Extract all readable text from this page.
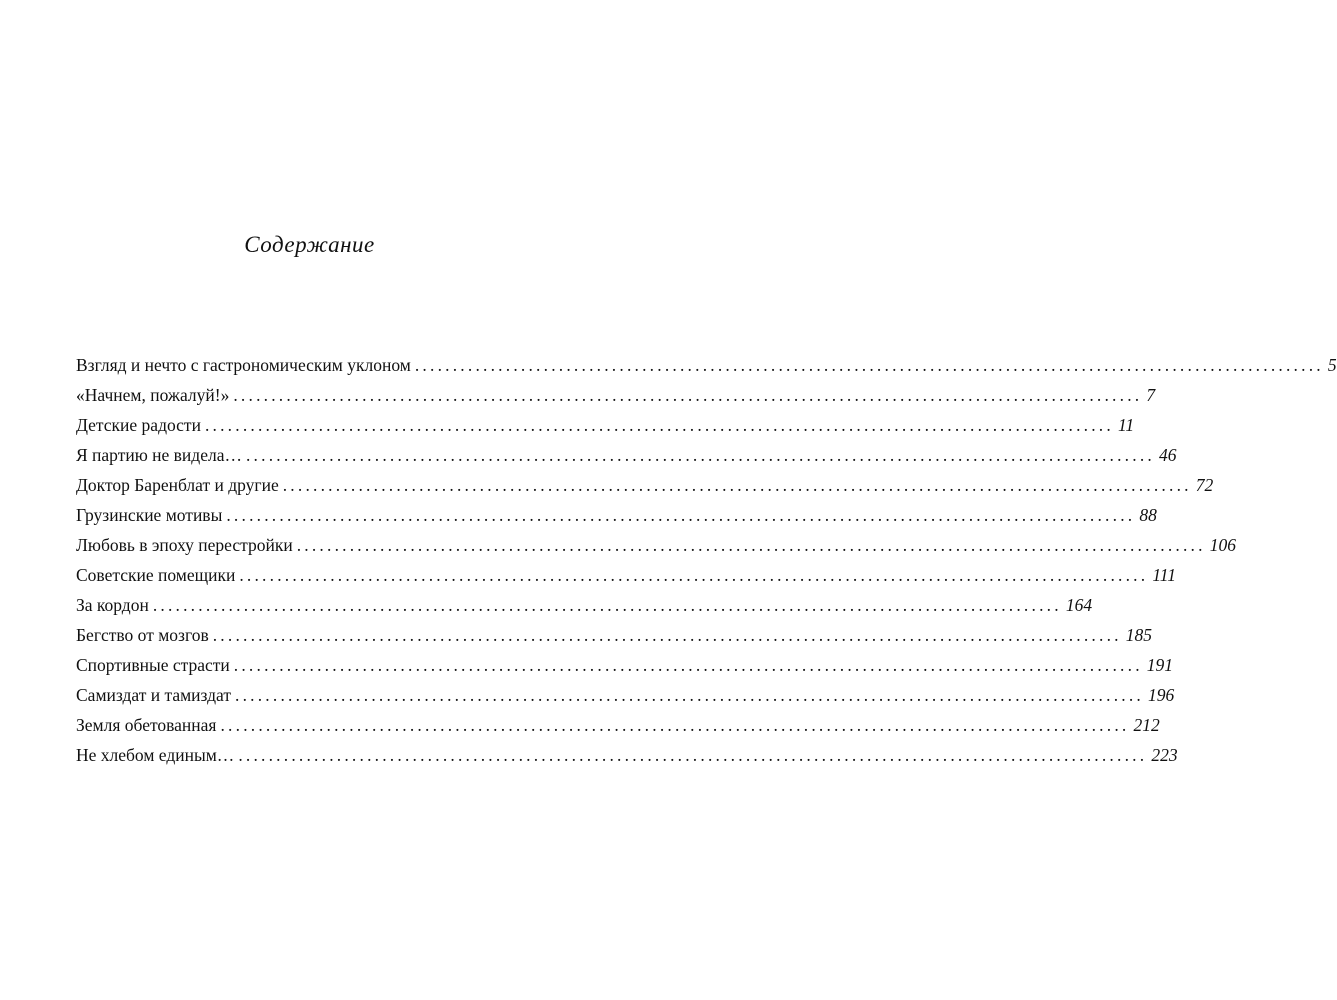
Содержание
Взгляд и нечто с гастрономическим уклоном ........................................................................................................................ 5
«Начнем, пожалуй!» ........................................................................................................................ 7
Детские радости ........................................................................................................................ 11
Я партию не видела… ........................................................................................................................ 46
Доктор Баренблат и другие ........................................................................................................................ 72
Грузинские мотивы ........................................................................................................................ 88
Любовь в эпоху перестройки ........................................................................................................................ 106
Советские помещики ........................................................................................................................ 111
За кордон ........................................................................................................................ 164
Бегство от мозгов ........................................................................................................................ 185
Спортивные страсти ........................................................................................................................ 191
Самиздат и тамиздат ........................................................................................................................ 196
Земля обетованная ........................................................................................................................ 212
Не хлебом единым… ........................................................................................................................ 223
